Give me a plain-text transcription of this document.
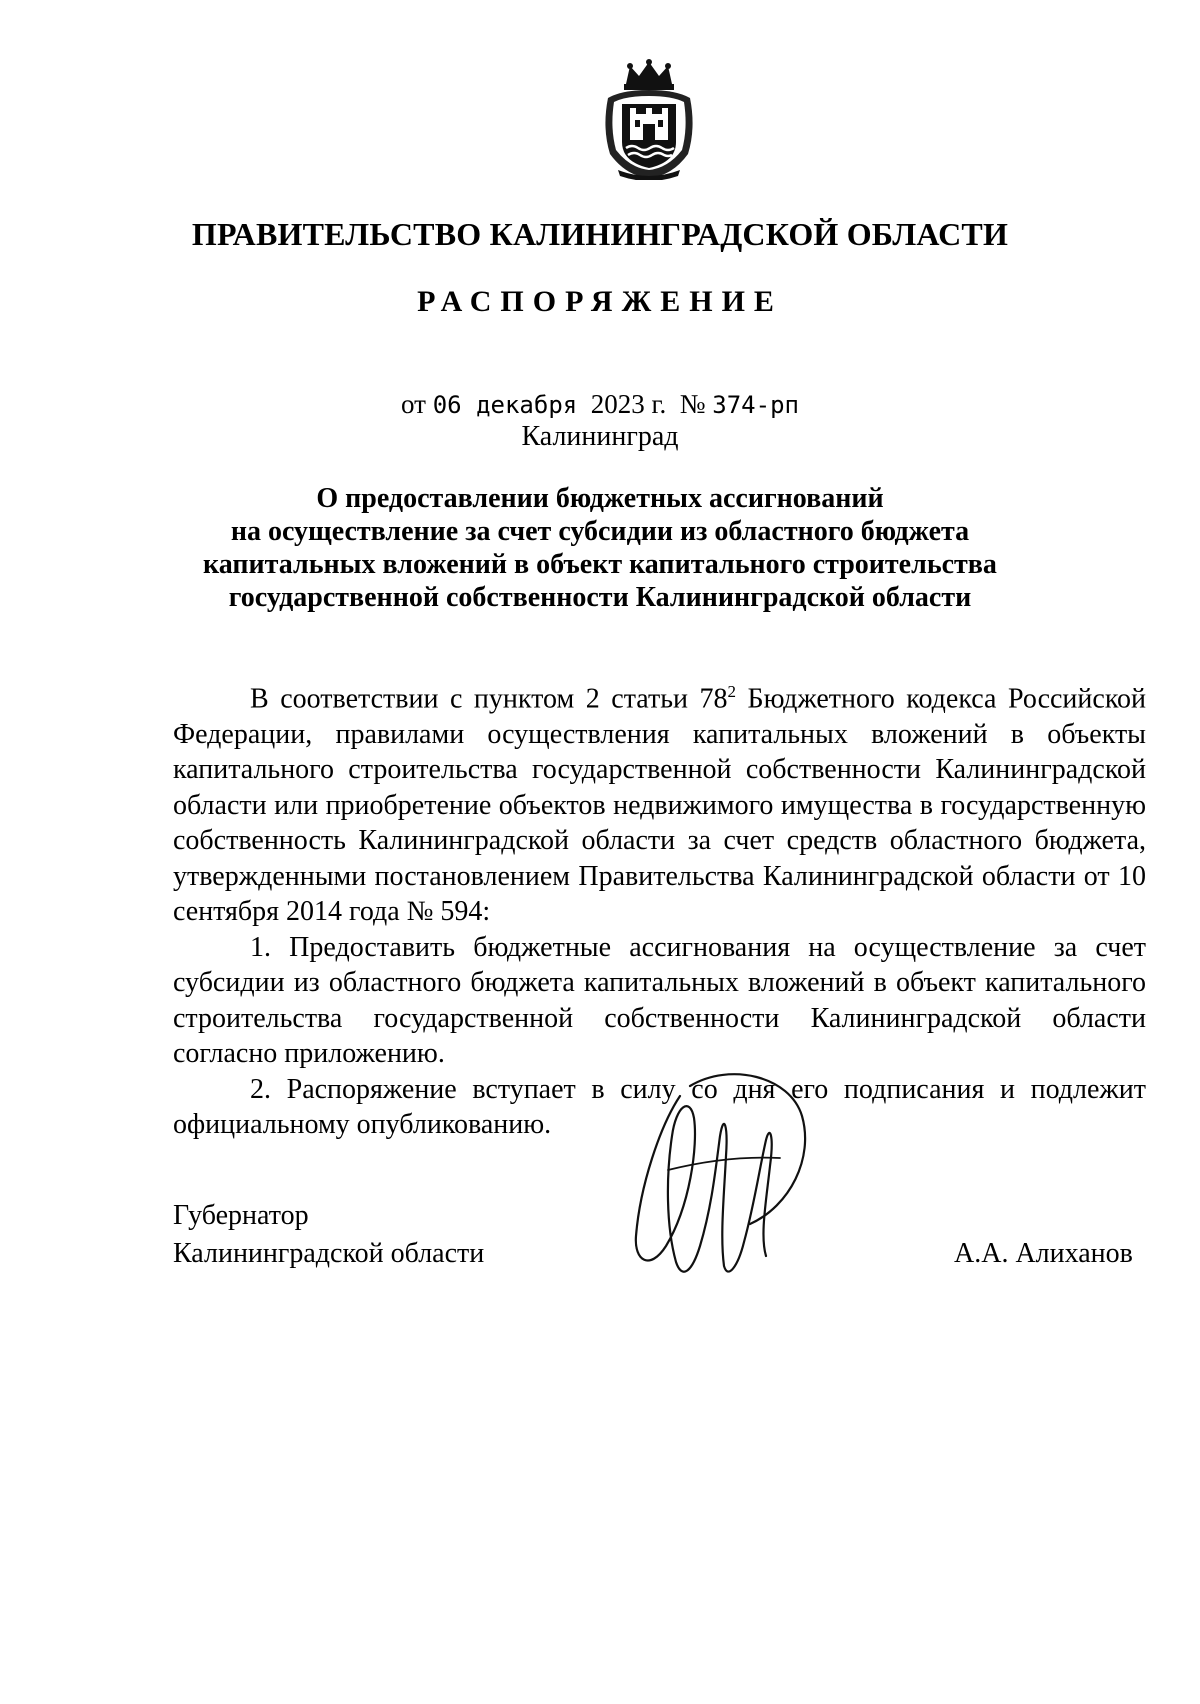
ПРАВИТЕЛЬСТВО КАЛИНИНГРАДСКОЙ ОБЛАСТИ
РАСПОРЯЖЕНИЕ
от 06 декабря 2023 г. № 374-рп
Калининград
О предоставлении бюджетных ассигнований
на осуществление за счет субсидии из областного бюджета
капитальных вложений в объект капитального строительства
государственной собственности Калининградской области

В соответствии с пунктом 2 статьи $78^2$ Бюджетного кодекса Российской Федерации, правилами осуществления капитальных вложений в объекты капитального строительства государственной собственности Калининградской области или приобретение объектов недвижимого имущества в государственную собственность Калининградской области за счет средств областного бюджета, утвержденными постановлением Правительства Калининградской области от 10 сентября 2014 года № 594:

1. Предоставить бюджетные ассигнования на осуществление за счет субсидии из областного бюджета капитальных вложений в объект капитального строительства государственной собственности Калининградской области согласно приложению.

2. Распоряжение вступает в силу со дня его подписания и подлежит официальному опубликованию.

Губернатор
Калининградской области	А.А. Алиханов
